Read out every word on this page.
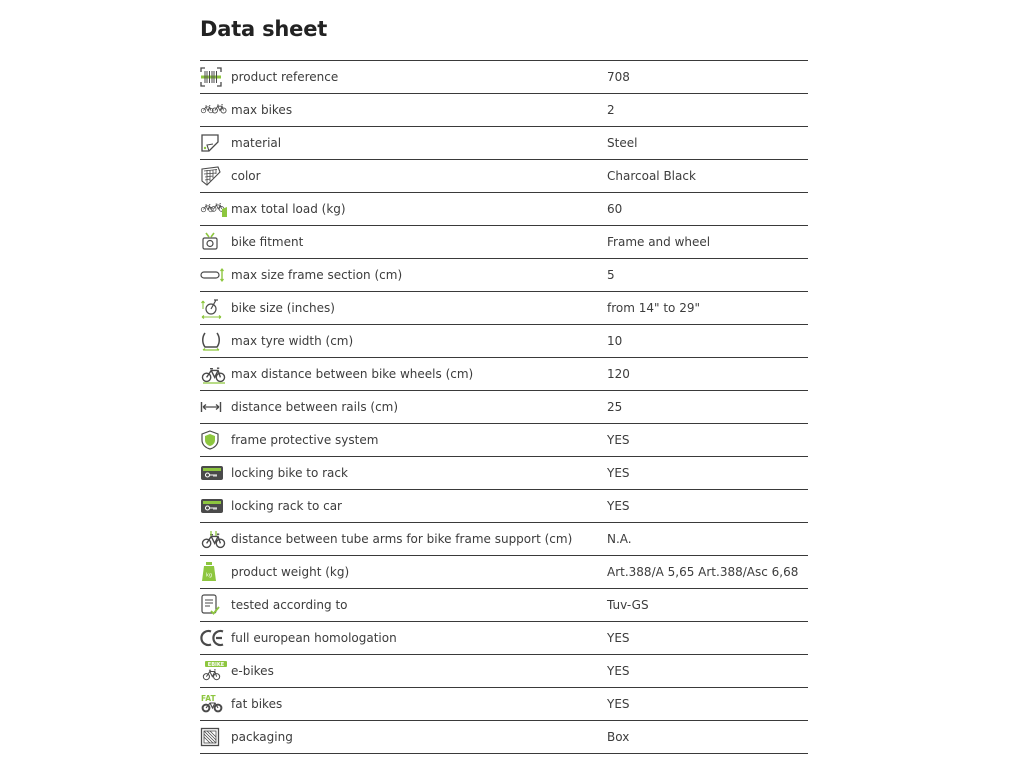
Data sheet
product reference	708
max bikes	2
material	Steel
color	Charcoal Black
max total load (kg)	60
bike fitment	Frame and wheel
max size frame section (cm)	5
bike size (inches)	from 14" to 29"
max tyre width (cm)	10
max distance between bike wheels (cm)	120
distance between rails (cm)	25
frame protective system	YES
locking bike to rack	YES
locking rack to car	YES
distance between tube arms for bike frame support (cm)	N.A.
kg product weight (kg)	Art.388/A 5,65 Art.388/Asc 6,68
tested according to	Tuv-GS
full european homologation	YES
EBIKE e-bikes	YES
FAT fat bikes	YES
packaging	Box
